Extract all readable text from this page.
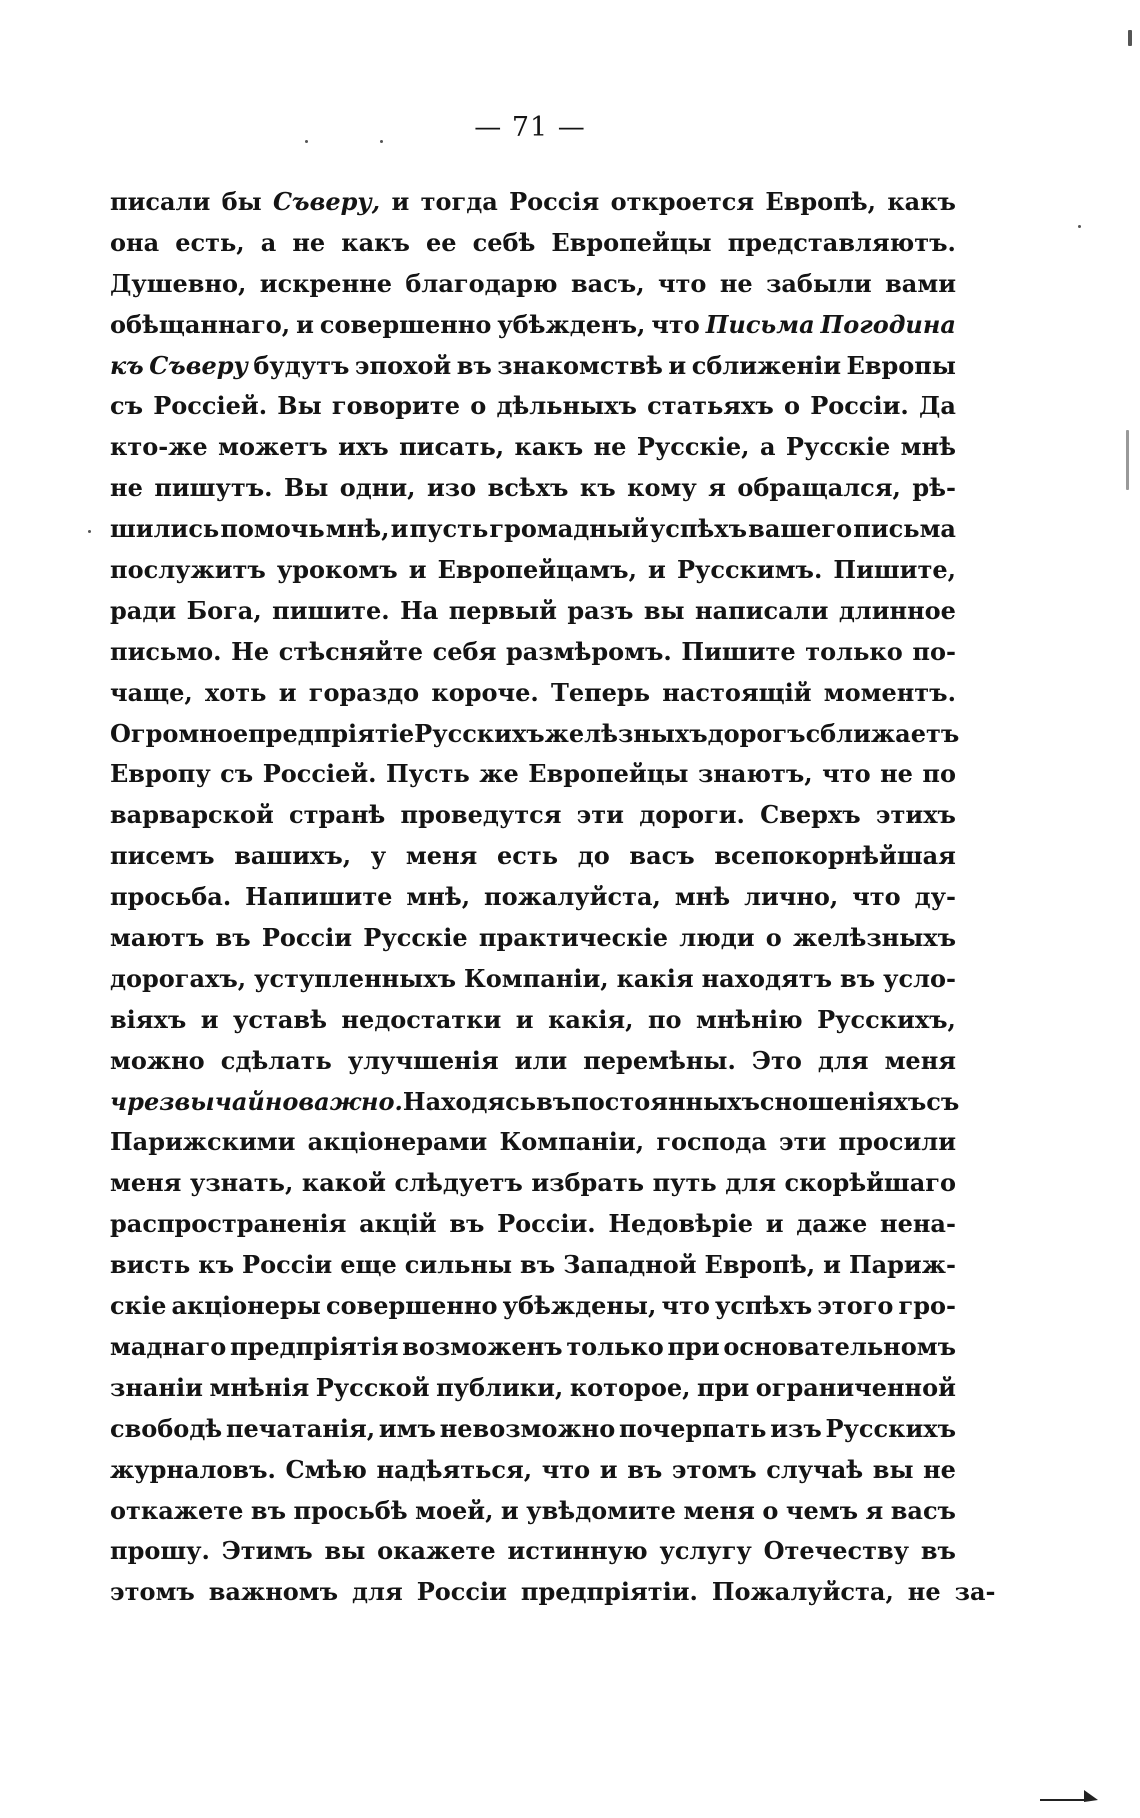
— 71 —
писали бы Съверу, и тогда Россія откроется Европѣ, какъ
она есть, а не какъ ее себѣ Европейцы представляютъ.
Душевно, искренне благодарю васъ, что не забыли вами
обѣщаннаго, и совершенно убѣжденъ, что Письма Погодина
къ Съверу будутъ эпохой въ знакомствѣ и сближеніи Европы
съ Россіей. Вы говорите о дѣльныхъ статьяхъ о Россіи. Да
кто-же можетъ ихъ писать, какъ не Русскіе, а Русскіе мнѣ
не пишутъ. Вы одни, изо всѣхъ къ кому я обращался, рѣ-
шились помочь мнѣ, и пусть громадный успѣхъ вашего письма
послужитъ урокомъ и Европейцамъ, и Русскимъ. Пишите,
ради Бога, пишите. На первый разъ вы написали длинное
письмо. Не стѣсняйте себя размѣромъ. Пишите только по-
чаще, хоть и гораздо короче. Теперь настоящій моментъ.
Огромное предпріятіе Русскихъ желѣзныхъ дорогъ сближаетъ
Европу съ Россіей. Пусть же Европейцы знаютъ, что не по
варварской странѣ проведутся эти дороги. Сверхъ этихъ
писемъ вашихъ, у меня есть до васъ всепокорнѣйшая
просьба. Напишите мнѣ, пожалуйста, мнѣ лично, что ду-
маютъ въ Россіи Русскіе практическіе люди о желѣзныхъ
дорогахъ, уступленныхъ Компаніи, какія находятъ въ усло-
віяхъ и уставѣ недостатки и какія, по мнѣнію Русскихъ,
можно сдѣлать улучшенія или перемѣны. Это для меня
чрезвычайно важно. Находясь въ постоянныхъ сношеніяхъ съ
Парижскими акціонерами Компаніи, господа эти просили
меня узнать, какой слѣдуетъ избрать путь для скорѣйшаго
распространенія акцій въ Россіи. Недовѣріе и даже нена-
висть къ Россіи еще сильны въ Западной Европѣ, и Париж-
скіе акціонеры совершенно убѣждены, что успѣхъ этого гро-
маднаго предпріятія возможенъ только при основательномъ
знаніи мнѣнія Русской публики, которое, при ограниченной
свободѣ печатанія, имъ невозможно почерпать изъ Русскихъ
журналовъ. Смѣю надѣяться, что и въ этомъ случаѣ вы не
откажете въ просьбѣ моей, и увѣдомите меня о чемъ я васъ
прошу. Этимъ вы окажете истинную услугу Отечеству въ
этомъ важномъ для Россіи предпріятіи. Пожалуйста, не за-
